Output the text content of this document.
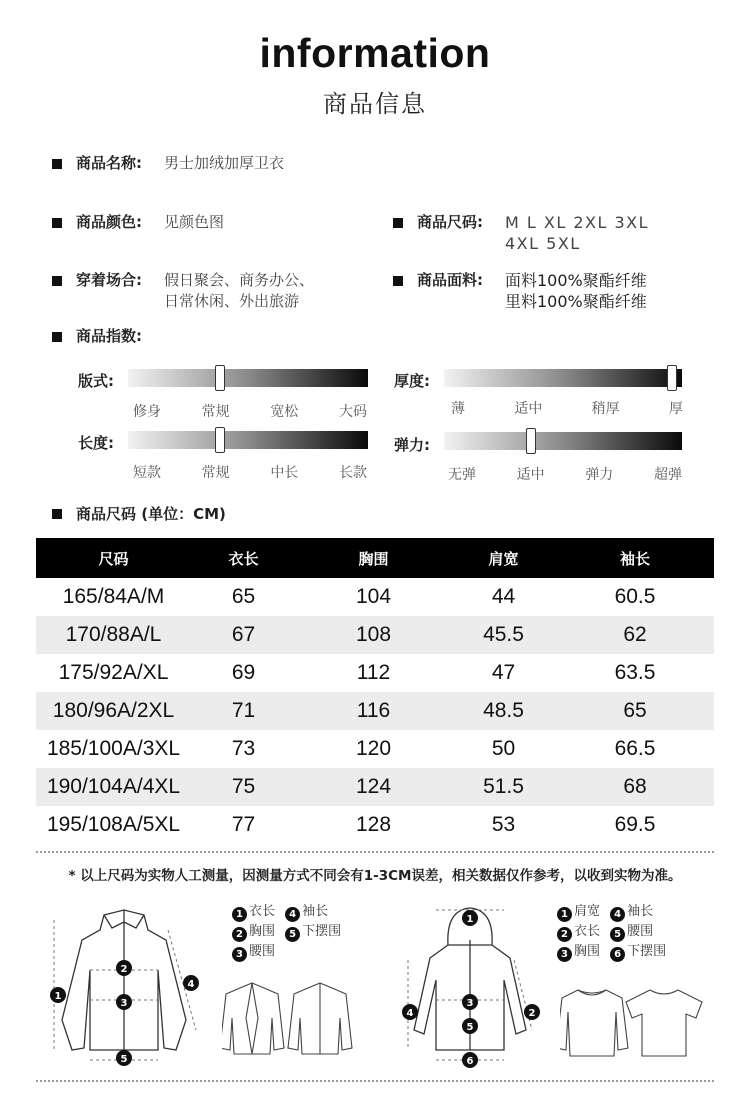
information
商品信息
商品名称: 男士加绒加厚卫衣
商品颜色: 见颜色图	商品尺码: M L XL 2XL 3XL
4XL 5XL
穿着场合: 假日聚会、商务办公、
日常休闲、外出旅游
商品面料: 面料100%聚酯纤维
里料100%聚酯纤维
商品指数:
版式:
修身	常规	宽松	大码
厚度:
薄	适中	稍厚	厚
长度:
短款	常规	中长	长款
弹力:
无弹	适中	弹力	超弹
商品尺码 (单位：CM)
尺码	衣长	胸围	肩宽	袖长
165/84A/M	65	104	44	60.5
170/88A/L	67	108	45.5	62
175/92A/XL	69	112	47	63.5
180/96A/2XL	71	116	48.5	65
185/100A/3XL	73	120	50	66.5
190/104A/4XL	75	124	51.5	68
195/108A/5XL	77	128	53	69.5
* 以上尺码为实物人工测量，因测量方式不同会有1-3CM误差，相关数据仅作参考，以收到实物为准。
1
2
3
4
5
1 衣长 4 袖长
2 胸围 5 下摆围
3 腰围
1
2
3
4
5
6
1 肩宽 4 袖长
2 衣长 5 腰围
3 胸围 6 下摆围
